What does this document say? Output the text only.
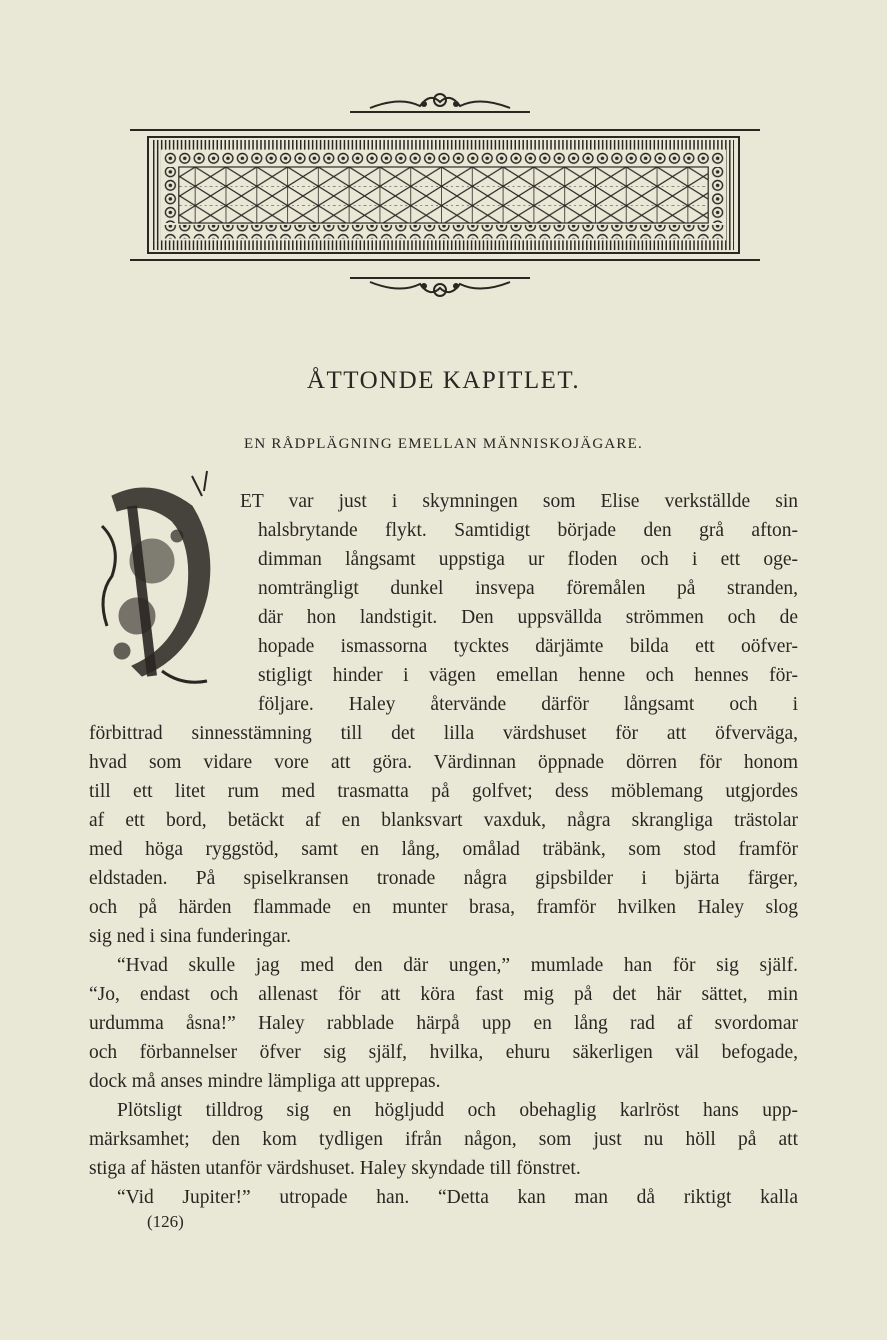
ÅTTONDE KAPITLET.

EN RÅDPLÄGNING EMELLAN MÄNNISKOJÄGARE.

ET var just i skymningen som Elise verkställde sin
halsbrytande flykt. Samtidigt började den grå afton-
dimman långsamt uppstiga ur floden och i ett oge-
nomträngligt dunkel insvepa föremålen på stranden,
där hon landstigit. Den uppsvällda strömmen och de
hopade ismassorna tycktes därjämte bilda ett oöfver-
stigligt hinder i vägen emellan henne och hennes för-
följare. Haley återvände därför långsamt och i
förbittrad sinnesstämning till det lilla värdshuset för att öfverväga,
hvad som vidare vore att göra. Värdinnan öppnade dörren för honom
till ett litet rum med trasmatta på golfvet; dess möblemang utgjordes
af ett bord, betäckt af en blanksvart vaxduk, några skrangliga trästolar
med höga ryggstöd, samt en lång, omålad träbänk, som stod framför
eldstaden. På spiselkransen tronade några gipsbilder i bjärta färger,
och på härden flammade en munter brasa, framför hvilken Haley slog
sig ned i sina funderingar.
“Hvad skulle jag med den där ungen,” mumlade han för sig själf.
“Jo, endast och allenast för att köra fast mig på det här sättet, min
urdumma åsna!” Haley rabblade härpå upp en lång rad af svordomar
och förbannelser öfver sig själf, hvilka, ehuru säkerligen väl befogade,
dock må anses mindre lämpliga att upprepas.
Plötsligt tilldrog sig en högljudd och obehaglig karlröst hans upp-
märksamhet; den kom tydligen ifrån någon, som just nu höll på att
stiga af hästen utanför värdshuset. Haley skyndade till fönstret.
“Vid Jupiter!” utropade han. “Detta kan man då riktigt kalla
(126)
